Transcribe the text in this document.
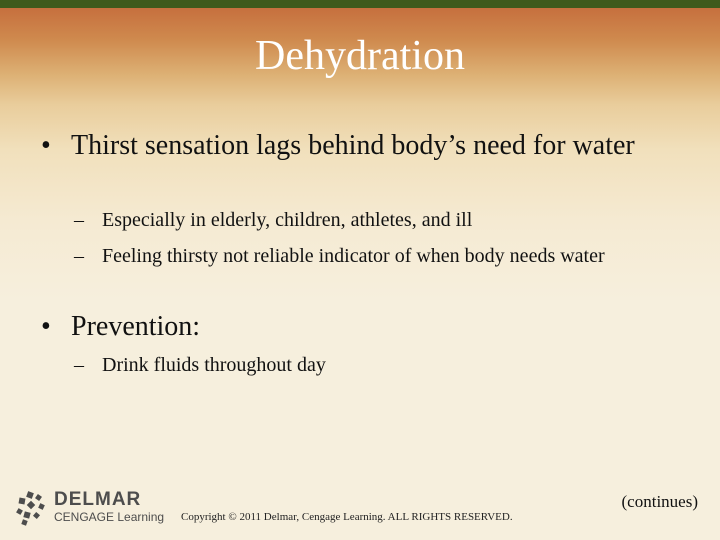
Dehydration
• Thirst sensation lags behind body’s need for water
– Especially in elderly, children, athletes, and ill
– Feeling thirsty not reliable indicator of when body needs water
• Prevention:
– Drink fluids throughout day
DELMAR
CENGAGE Learning Copyright © 2011 Delmar, Cengage Learning. ALL RIGHTS RESERVED.
(continues)
